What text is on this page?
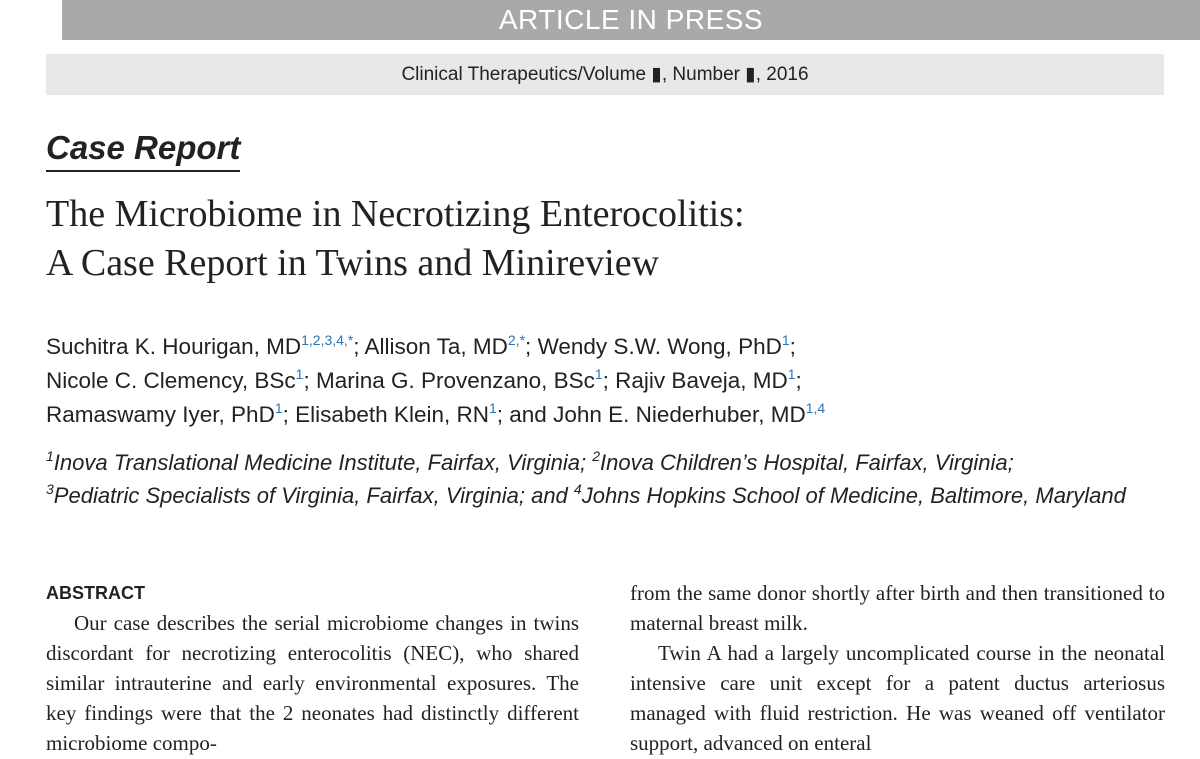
ARTICLE IN PRESS
Clinical Therapeutics/Volume ▮, Number ▮, 2016
Case Report
The Microbiome in Necrotizing Enterocolitis:
A Case Report in Twins and Minireview
Suchitra K. Hourigan, $MD^{1,2,3,4,*}$; Allison Ta, $MD^{2,*}$; Wendy S.W. Wong, PhD$^1$;
Nicole C. Clemency, BSc$^1$; Marina G. Provenzano, BSc$^1$; Rajiv Baveja, $MD^1$;
Ramaswamy Iyer, PhD$^1$; Elisabeth Klein, $RN^1$; and John E. Niederhuber, MD$^{1,4}$
$^1$Inova Translational Medicine Institute, Fairfax, Virginia; $^2$Inova Children’s Hospital, Fairfax, Virginia;
$^3$Pediatric Specialists of Virginia, Fairfax, Virginia; and $^4$Johns Hopkins School of Medicine, Baltimore, Maryland
ABSTRACT

Our case describes the serial microbiome changes in twins discordant for necrotizing enterocolitis (NEC), who shared similar intrauterine and early environmental exposures. The key findings were that the 2 neonates had distinctly different microbiome compo-

from the same donor shortly after birth and then transitioned to maternal breast milk.

Twin A had a largely uncomplicated course in the neonatal intensive care unit except for a patent ductus arteriosus managed with fluid restriction. He was weaned off ventilator support, advanced on enteral
